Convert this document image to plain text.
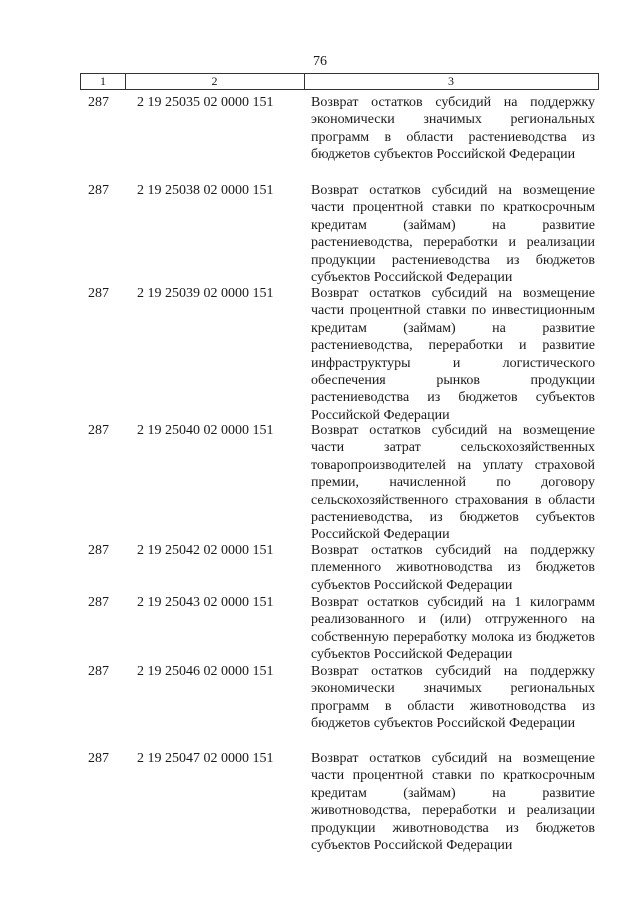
76
1	2	3
287	2 19 25035 02 0000 151	Возврат остатков субсидий на поддержку экономически значимых региональных программ в области растениеводства из бюджетов субъектов Российской Федерации
287	2 19 25038 02 0000 151	Возврат остатков субсидий на возмещение части процентной ставки по краткосрочным кредитам (займам) на развитие растениеводства, переработки и реализации продукции растениеводства из бюджетов субъектов Российской Федерации
287	2 19 25039 02 0000 151	Возврат остатков субсидий на возмещение части процентной ставки по инвестиционным кредитам (займам) на развитие растениеводства, переработки и развитие инфраструктуры и логистического обеспечения рынков продукции растениеводства из бюджетов субъектов Российской Федерации
287	2 19 25040 02 0000 151	Возврат остатков субсидий на возмещение части затрат сельскохозяйственных товаропроизводителей на уплату страховой премии, начисленной по договору сельскохозяйственного страхования в области растениеводства, из бюджетов субъектов Российской Федерации
287	2 19 25042 02 0000 151	Возврат остатков субсидий на поддержку племенного животноводства из бюджетов субъектов Российской Федерации
287	2 19 25043 02 0000 151	Возврат остатков субсидий на 1 килограмм реализованного и (или) отгруженного на собственную переработку молока из бюджетов субъектов Российской Федерации
287	2 19 25046 02 0000 151	Возврат остатков субсидий на поддержку экономически значимых региональных программ в области животноводства из бюджетов субъектов Российской Федерации
287	2 19 25047 02 0000 151	Возврат остатков субсидий на возмещение части процентной ставки по краткосрочным кредитам (займам) на развитие животноводства, переработки и реализации продукции животноводства из бюджетов субъектов Российской Федерации
